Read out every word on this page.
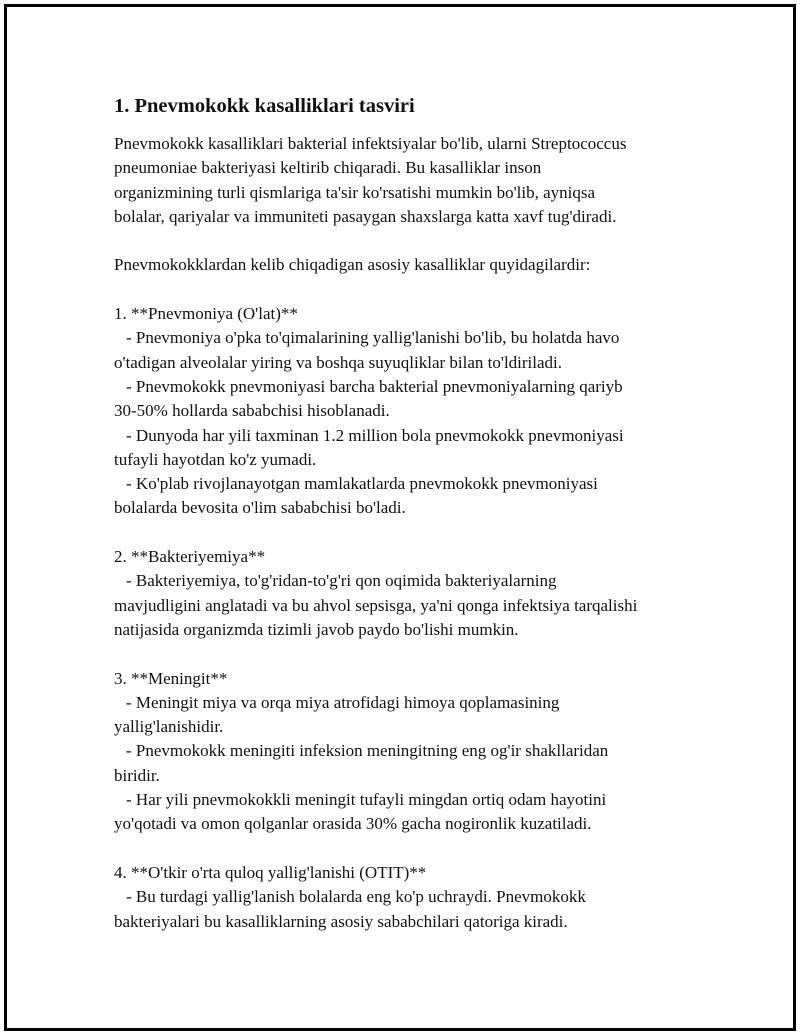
1. Pnevmokokk kasalliklari tasviri
Pnevmokokk kasalliklari bakterial infektsiyalar bo'lib, ularni Streptococcus
pneumoniae bakteriyasi keltirib chiqaradi. Bu kasalliklar inson
organizmining turli qismlariga ta'sir ko'rsatishi mumkin bo'lib, ayniqsa
bolalar, qariyalar va immuniteti pasaygan shaxslarga katta xavf tug'diradi.
Pnevmokokklardan kelib chiqadigan asosiy kasalliklar quyidagilardir:
1. **Pnevmoniya (O'lat)**
- Pnevmoniya o'pka to'qimalarining yallig'lanishi bo'lib, bu holatda havo
o'tadigan alveolalar yiring va boshqa suyuqliklar bilan to'ldiriladi.
- Pnevmokokk pnevmoniyasi barcha bakterial pnevmoniyalarning qariyb
30-50% hollarda sababchisi hisoblanadi.
- Dunyoda har yili taxminan 1.2 million bola pnevmokokk pnevmoniyasi
tufayli hayotdan ko'z yumadi.
- Ko'plab rivojlanayotgan mamlakatlarda pnevmokokk pnevmoniyasi
bolalarda bevosita o'lim sababchisi bo'ladi.
2. **Bakteriyemiya**
- Bakteriyemiya, to'g'ridan-to'g'ri qon oqimida bakteriyalarning
mavjudligini anglatadi va bu ahvol sepsisga, ya'ni qonga infektsiya tarqalishi
natijasida organizmda tizimli javob paydo bo'lishi mumkin.
3. **Meningit**
- Meningit miya va orqa miya atrofidagi himoya qoplamasining
yallig'lanishidir.
- Pnevmokokk meningiti infeksion meningitning eng og'ir shakllaridan
biridir.
- Har yili pnevmokokkli meningit tufayli mingdan ortiq odam hayotini
yo'qotadi va omon qolganlar orasida 30% gacha nogironlik kuzatiladi.
4. **O'tkir o'rta quloq yallig'lanishi (OTIT)**
- Bu turdagi yallig'lanish bolalarda eng ko'p uchraydi. Pnevmokokk
bakteriyalari bu kasalliklarning asosiy sababchilari qatoriga kiradi.
